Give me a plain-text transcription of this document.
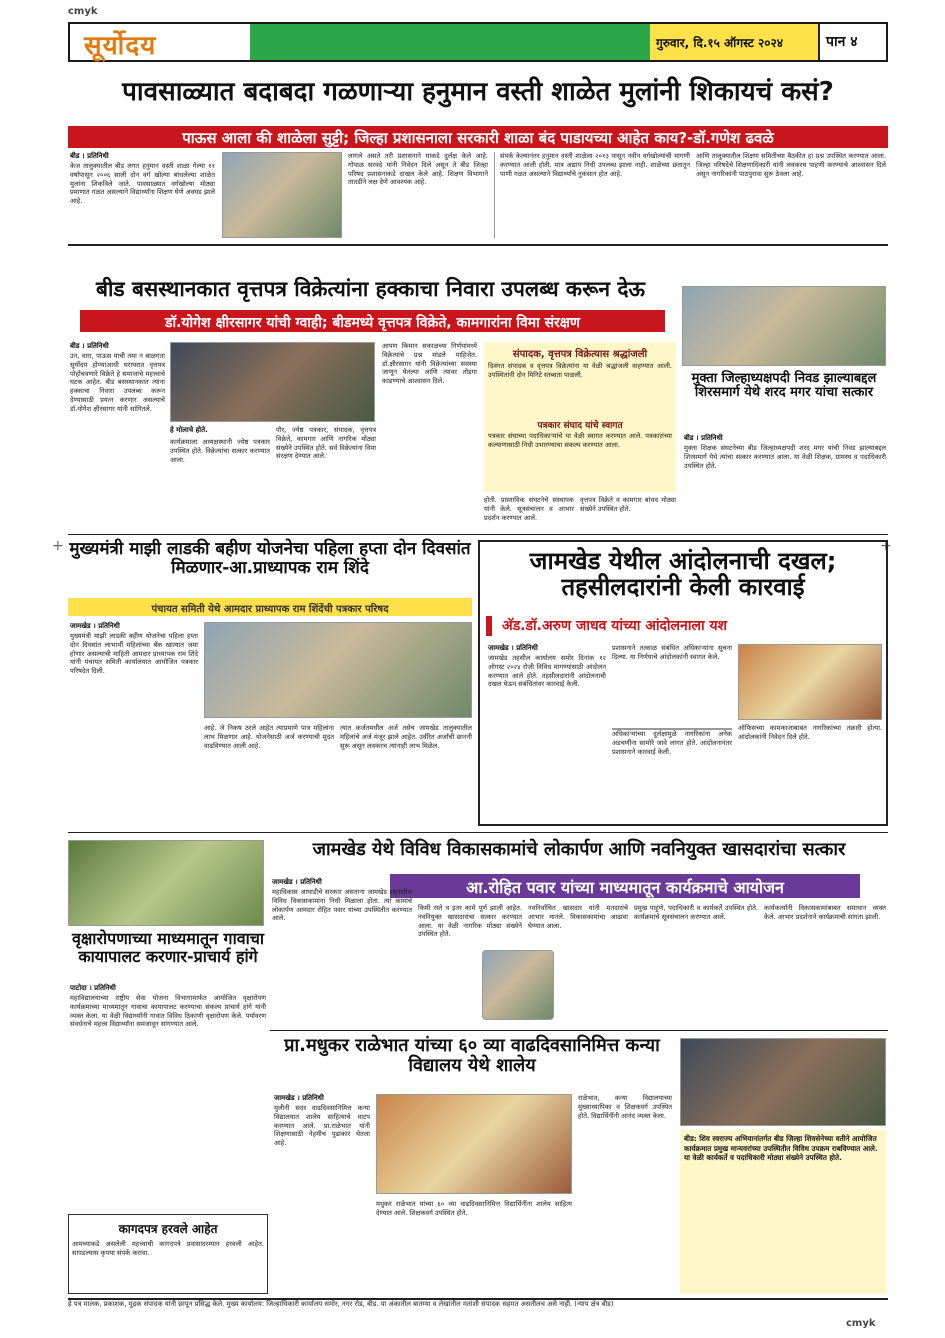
cmyk
cmyk
सूर्योदय	गुरुवार, दि.१५ ऑगस्ट २०२४	पान ४
पावसाळ्यात बदाबदा गळणाऱ्या हनुमान वस्ती शाळेत मुलांनी शिकायचं कसं?
पाऊस आला की शाळेला सुट्टी; जिल्हा प्रशासनाला सरकारी शाळा बंद पाडायच्या आहेत काय?-डॉ.गणेश ढवळे
बीड । प्रतिनिधी
केज तालुक्यातील बीड लगत हनुमान वस्ती शाळा गेल्या ११ वर्षांपासून २००६ साली दोन वर्ग खोल्या बांधलेल्या शाळेत मुलांना शिकविले जाते. पावसाळ्यात वर्गखोल्या मोठ्या प्रमाणात गळत असल्याने विद्यार्थ्यांना शिक्षण घेणे अवघड झाले आहे.
लागले असते तरी प्रशासनाने याकडे दुर्लक्ष केले आहे. गोपाळ सरवदे यांनी निवेदन दिले असून ते बीड जिल्हा परिषद प्रशासनाकडे दाखल केले आहे. शिक्षण विभागाने तातडीने लक्ष देणे आवश्यक आहे.
संपर्क केल्यानंतर हनुमान वस्ती शाळेला २०१३ पासून नवीन वर्गखोल्यांची मागणी करण्यात आली होती. मात्र अद्याप निधी उपलब्ध झाला नाही. शाळेच्या छतातून पाणी गळत असल्याने विद्यार्थ्यांचे नुकसान होत आहे.
आणि तालुक्यातील शिक्षण समितीच्या बैठकीत हा प्रश्न उपस्थित करण्यात आला. जिल्हा परिषदेचे शिक्षणाधिकारी यांनी लवकरच पाहणी करण्याचे आश्वासन दिले असून नागरिकांनी पाठपुरावा सुरू ठेवला आहे.
बीड बसस्थानकात वृत्तपत्र विक्रेत्यांना हक्काचा निवारा उपलब्ध करून देऊ
डॉ.योगेश क्षीरसागर यांची ग्वाही; बीडमध्ये वृत्तपत्र विक्रेते, कामगारांना विमा संरक्षण
बीड । प्रतिनिधी
उन, वारा, पाऊस याची तमा न बाळगता सूर्योदय होण्याआधी घराघरात वृत्तपत्र पोहोचवणारे विक्रेते हे समाजाचे महत्त्वाचे घटक आहेत. बीड बसस्थानकात त्यांना हक्काचा निवारा उपलब्ध करून देण्यासाठी प्रयत्न करणार असल्याचे डॉ.योगेश क्षीरसागर यांनी सांगितले.
हे मोलाचे होते.
कार्यक्रमाला अध्यक्षस्थानी ज्येष्ठ पत्रकार उपस्थित होते. विक्रेत्यांचा सत्कार करण्यात आला.
पौर, ज्येष्ठ पत्रकार, संपादक, वृत्तपत्र विक्रेते, कामगार आणि नागरिक मोठ्या संख्येने उपस्थित होते. सर्व विक्रेत्यांना विमा संरक्षण देण्यात आले.
आपण किमान सकाळच्या निर्णयांमध्ये विक्रेत्यांचे प्रश्न मांडले पाहिजेत. डॉ.क्षीरसागर यांनी विक्रेत्यांच्या समस्या जाणून घेतल्या आणि त्यावर तोडगा काढण्याचे आश्वासन दिले.
संपादक, वृत्तपत्र विक्रेत्यास श्रद्धांजली
दिवंगत संपादक व वृत्तपत्र विक्रेत्यांना या वेळी श्रद्धांजली वाहण्यात आली. उपस्थितांनी दोन मिनिटे स्तब्धता पाळली.
पत्रकार संघाद यांचे स्वागत
पत्रकार संघाच्या पदाधिकाऱ्यांचे या वेळी स्वागत करण्यात आले. पत्रकारांच्या कल्याणासाठी निधी उभारण्याचा संकल्प करण्यात आला.
होती. प्रास्ताविक संघटनेचे संस्थापक यांनी केले. सूत्रसंचालन व आभार प्रदर्शन करण्यात आले.
वृत्तपत्र विक्रेते व कामगार बांधव मोठ्या संख्येने उपस्थित होते.
मुक्ता जिल्हाध्यक्षपदी निवड झाल्याबद्दल शिरसमार्ग येथे शरद मगर यांचा सत्कार
बीड । प्रतिनिधी
मुक्ता शिक्षक संघटनेच्या बीड जिल्हाध्यक्षपदी शरद मगर यांची निवड झाल्याबद्दल शिरसमार्ग येथे त्यांचा सत्कार करण्यात आला. या वेळी शिक्षक, ग्रामस्थ व पदाधिकारी उपस्थित होते.
+	+
मुख्यमंत्री माझी लाडकी बहीण योजनेचा पहिला हप्ता दोन दिवसांत मिळणार-आ.प्राध्यापक राम शिंदे
पंचायत समिती येथे आमदार प्राध्यापक राम शिंदेंची पत्रकार परिषद
जामखेड । प्रतिनिधी
मुख्यमंत्री माझी लाडकी बहीण योजनेचा पहिला हप्ता दोन दिवसांत लाभार्थी महिलांच्या बँक खात्यात जमा होणार असल्याची माहिती आमदार प्राध्यापक राम शिंदे यांनी पंचायत समिती कार्यालयात आयोजित पत्रकार परिषदेत दिली.
आहे. जे निकष ठरले आहेत त्याप्रमाणे पात्र महिलांना लाभ मिळणार आहे. योजनेसाठी अर्ज करण्याची मुदत वाढविण्यात आली आहे.
त्यात कर्जतमधील अर्ज तसेच जामखेड तालुक्यातील महिलांचे अर्ज मंजूर झाले आहेत. उर्वरित अर्जांची छाननी सुरू असून लवकरच त्यांनाही लाभ मिळेल.
जामखेड येथील आंदोलनाची दखल; तहसीलदारांनी केली कारवाई
अ‍ॅड.डॉ.अरुण जाधव यांच्या आंदोलनाला यश
जामखेड । प्रतिनिधी
जामखेड तहसील कार्यालय समोर दिनांक १२ ऑगस्ट २०२४ रोजी विविध मागण्यांसाठी आंदोलन करण्यात आले होते. तहसीलदारांनी आंदोलनाची दखल घेऊन संबंधितांवर कारवाई केली.
प्रशासनाने तत्काळ संबंधित अधिकाऱ्यांना सूचना दिल्या. या निर्णयाचे आंदोलकांनी स्वागत केले.
अधिकाऱ्यांच्या दुर्लक्षामुळे नागरिकांना अनेक अडचणींना सामोरे जावे लागत होते. आंदोलनानंतर प्रशासनाने कारवाई केली.
ऑफिसच्या कामकाजाबाबत नागरिकांच्या तक्रारी होत्या. आंदोलकांनी निवेदन दिले होते.
जामखेड येथे विविध विकासकामांचे लोकार्पण आणि नवनियुक्त खासदारांचा सत्कार
आ.रोहित पवार यांच्या माध्यमातून कार्यक्रमाचे आयोजन
जामखेड । प्रतिनिधी
महाविकास आघाडीचे सरकार असताना जामखेड शहरातील विविध विकासकामांना निधी मिळाला होता. त्या कामांचे लोकार्पण आमदार रोहित पवार यांच्या उपस्थितीत करण्यात आले.
किमी रस्ते व इतर कामे पूर्ण झाली आहेत. नवनियुक्त खासदारांचा सत्कार करण्यात आला. या वेळी नागरिक मोठ्या संख्येने उपस्थित होते.
नवनिर्वाचित खासदार यांनी मतदारांचे आभार मानले. विकासकामांचा आढावा घेण्यात आला.
प्रमुख पाहुणे, पदाधिकारी व कार्यकर्ते उपस्थित होते. कार्यक्रमाचे सूत्रसंचालन करण्यात आले.
कार्यकर्त्यांनी विकासकामांबाबत समाधान व्यक्त केले. आभार प्रदर्शनाने कार्यक्रमाची सांगता झाली.
वृक्षारोपणाच्या माध्यमातून गावाचा कायापालट करणार-प्राचार्य हांगे
पाटोदा । प्रतिनिधी
महाविद्यालयाच्या राष्ट्रीय सेवा योजना विभागामार्फत आयोजित वृक्षारोपण कार्यक्रमाच्या माध्यमातून गावाचा कायापालट करण्याचा संकल्प प्राचार्य हांगे यांनी व्यक्त केला. या वेळी विद्यार्थ्यांनी गावात विविध ठिकाणी वृक्षारोपण केले. पर्यावरण संवर्धनाचे महत्त्व विद्यार्थ्यांना समजावून सांगण्यात आले.
कागदपत्र हरवले आहेत
आमच्याकडे असलेली महत्त्वाची कागदपत्रे प्रवासादरम्यान हरवली आहेत. सापडल्यास कृपया संपर्क करावा.
प्रा.मधुकर राळेभात यांच्या ६० व्या वाढदिवसानिमित्त कन्या विद्यालय येथे शालेय
जामखेड । प्रतिनिधी
मुलीनी सदर वाढदिवसानिमित्त कन्या विद्यालयात शालेय साहित्याचे वाटप करण्यात आले. प्रा.राळेभात यांनी शिक्षणासाठी नेहमीच पुढाकार घेतला आहे.
मधुकर राळेभात यांच्या ६० व्या वाढदिवसानिमित्त विद्यार्थिनींना शालेय साहित्य देण्यात आले. शिक्षकवर्ग उपस्थित होते.
राळेभात, कन्या विद्यालयाच्या मुख्याध्यापिका व शिक्षकवर्ग उपस्थित होते. विद्यार्थिनींनी आनंद व्यक्त केला.
बीड: शिव स्वराज्य अभियानांतर्गत बीड जिल्हा शिवसेनेच्या वतीने आयोजित कार्यक्रमात प्रमुख मान्यवरांच्या उपस्थितीत विविध उपक्रम राबविण्यात आले. या वेळी कार्यकर्ते व पदाधिकारी मोठ्या संख्येने उपस्थित होते.
हे पत्र मालक, प्रकाशक, मुद्रक संपादक यांनी छापून प्रसिद्ध केले. मुख्य कार्यालय: जिल्हाधिकारी कार्यालय समोर, नगर रोड, बीड. या अंकातील बातम्या व लेखांतील मतांशी संपादक सहमत असतीलच असे नाही. (न्याय क्षेत्र बीड)
